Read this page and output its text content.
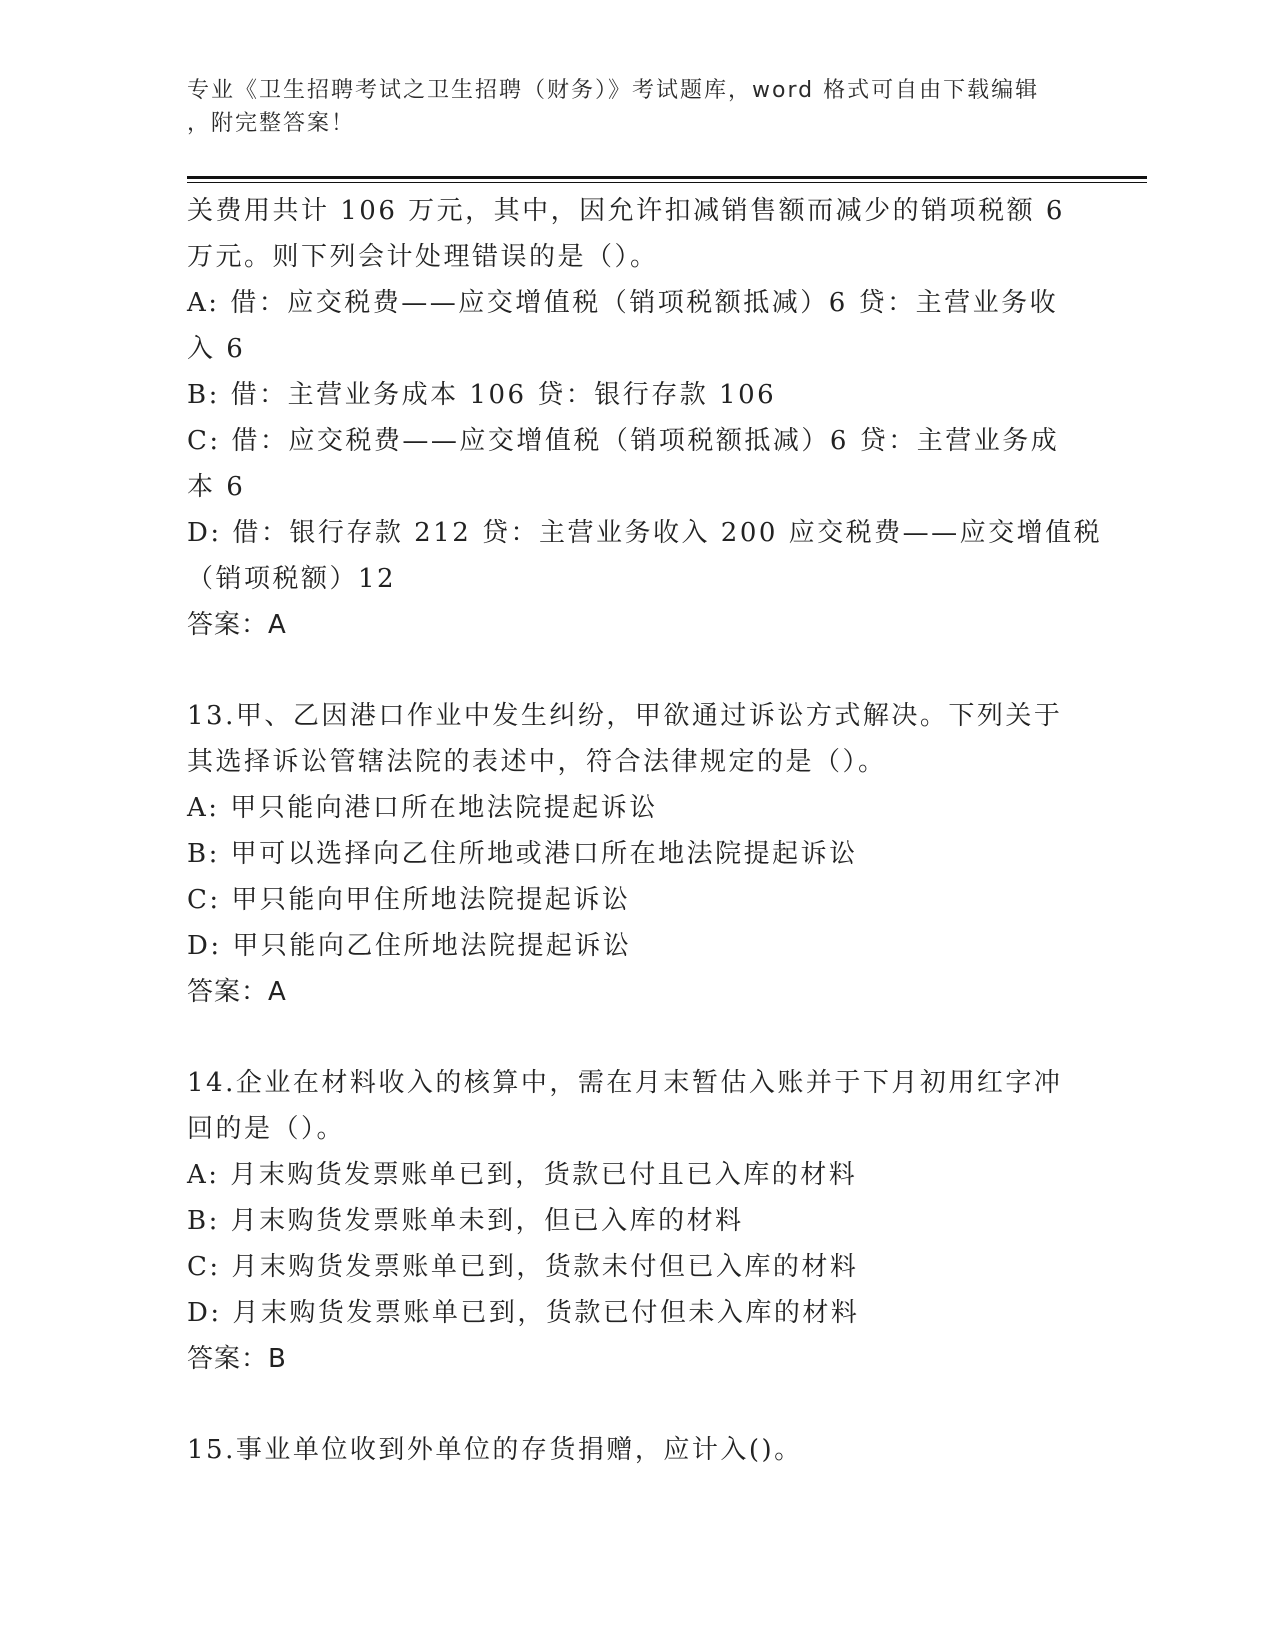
专业《卫生招聘考试之卫生招聘（财务）》考试题库，word 格式可自由下载编辑
，附完整答案！
关费用共计 106 万元，其中，因允许扣减销售额而减少的销项税额 6
万元。则下列会计处理错误的是（）。
A: 借：应交税费——应交增值税（销项税额抵减）6 贷：主营业务收
入 6
B: 借：主营业务成本 106 贷：银行存款 106
C: 借：应交税费——应交增值税（销项税额抵减）6 贷：主营业务成
本 6
D: 借：银行存款 212 贷：主营业务收入 200 应交税费——应交增值税
（销项税额）12
答案：A
13.甲、乙因港口作业中发生纠纷，甲欲通过诉讼方式解决。下列关于
其选择诉讼管辖法院的表述中，符合法律规定的是（）。
A: 甲只能向港口所在地法院提起诉讼
B: 甲可以选择向乙住所地或港口所在地法院提起诉讼
C: 甲只能向甲住所地法院提起诉讼
D: 甲只能向乙住所地法院提起诉讼
答案：A
14.企业在材料收入的核算中，需在月末暂估入账并于下月初用红字冲
回的是（）。
A: 月末购货发票账单已到，货款已付且已入库的材料
B: 月末购货发票账单未到，但已入库的材料
C: 月末购货发票账单已到，货款未付但已入库的材料
D: 月末购货发票账单已到，货款已付但未入库的材料
答案：B
15.事业单位收到外单位的存货捐赠，应计入()。
